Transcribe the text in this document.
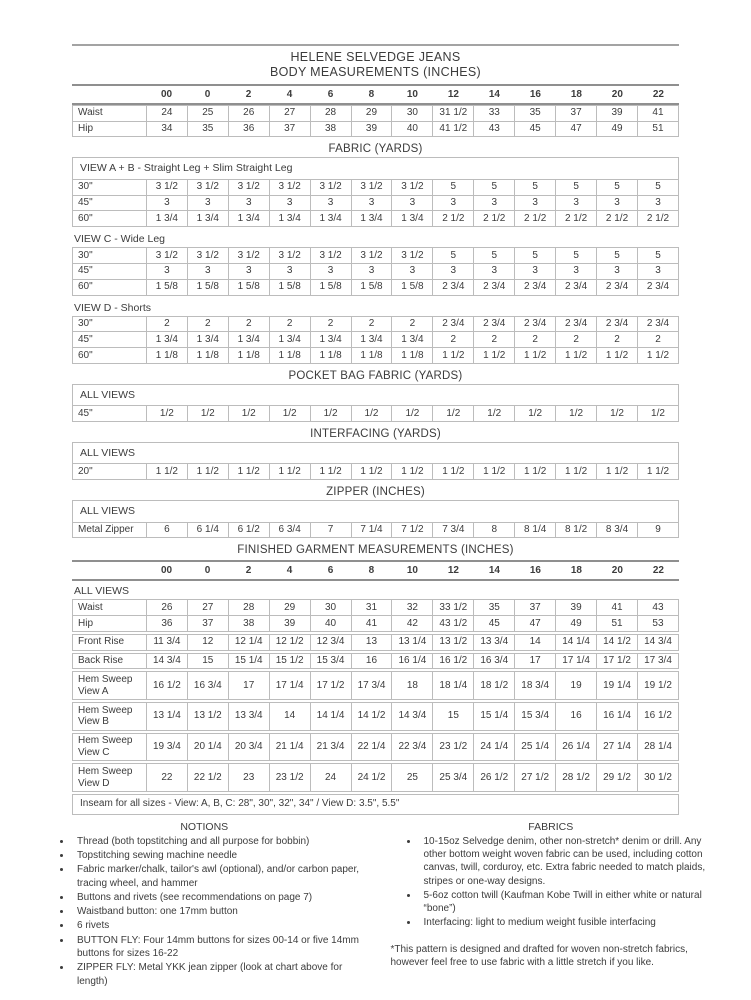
HELENE SELVEDGE JEANS
BODY MEASUREMENTS (INCHES)
	00	0	2	4	6	8	10	12	14	16	18	20	22
Waist	24	25	26	27	28	29	30	31 1/2	33	35	37	39	41
Hip	34	35	36	37	38	39	40	41 1/2	43	45	47	49	51
FABRIC (YARDS)
VIEW A + B - Straight Leg + Slim Straight Leg													
30"	3 1/2	3 1/2	3 1/2	3 1/2	3 1/2	3 1/2	3 1/2	5	5	5	5	5	5
45"	3	3	3	3	3	3	3	3	3	3	3	3	3
60"	1 3/4	1 3/4	1 3/4	1 3/4	1 3/4	1 3/4	1 3/4	2 1/2	2 1/2	2 1/2	2 1/2	2 1/2	2 1/2
VIEW C - Wide Leg
30"	3 1/2	3 1/2	3 1/2	3 1/2	3 1/2	3 1/2	3 1/2	5	5	5	5	5	5
45"	3	3	3	3	3	3	3	3	3	3	3	3	3
60"	1 5/8	1 5/8	1 5/8	1 5/8	1 5/8	1 5/8	1 5/8	2 3/4	2 3/4	2 3/4	2 3/4	2 3/4	2 3/4
VIEW D - Shorts
30"	2	2	2	2	2	2	2	2 3/4	2 3/4	2 3/4	2 3/4	2 3/4	2 3/4
45"	1 3/4	1 3/4	1 3/4	1 3/4	1 3/4	1 3/4	1 3/4	2	2	2	2	2	2
60"	1 1/8	1 1/8	1 1/8	1 1/8	1 1/8	1 1/8	1 1/8	1 1/2	1 1/2	1 1/2	1 1/2	1 1/2	1 1/2
POCKET BAG FABRIC (YARDS)
ALL VIEWS
45"	1/2	1/2	1/2	1/2	1/2	1/2	1/2	1/2	1/2	1/2	1/2	1/2	1/2
INTERFACING (YARDS)
ALL VIEWS
20"	1 1/2	1 1/2	1 1/2	1 1/2	1 1/2	1 1/2	1 1/2	1 1/2	1 1/2	1 1/2	1 1/2	1 1/2	1 1/2
ZIPPER (INCHES)
ALL VIEWS
Metal Zipper	6	6 1/4	6 1/2	6 3/4	7	7 1/4	7 1/2	7 3/4	8	8 1/4	8 1/2	8 3/4	9
FINISHED GARMENT MEASUREMENTS (INCHES)
	00	0	2	4	6	8	10	12	14	16	18	20	22
ALL VIEWS
Waist	26	27	28	29	30	31	32	33 1/2	35	37	39	41	43
Hip	36	37	38	39	40	41	42	43 1/2	45	47	49	51	53
Front Rise	11 3/4	12	12 1/4	12 1/2	12 3/4	13	13 1/4	13 1/2	13 3/4	14	14 1/4	14 1/2	14 3/4
Back Rise	14 3/4	15	15 1/4	15 1/2	15 3/4	16	16 1/4	16 1/2	16 3/4	17	17 1/4	17 1/2	17 3/4
Hem Sweep View A	16 1/2	16 3/4	17	17 1/4	17 1/2	17 3/4	18	18 1/4	18 1/2	18 3/4	19	19 1/4	19 1/2
Hem Sweep View B	13 1/4	13 1/2	13 3/4	14	14 1/4	14 1/2	14 3/4	15	15 1/4	15 3/4	16	16 1/4	16 1/2
Hem Sweep View C	19 3/4	20 1/4	20 3/4	21 1/4	21 3/4	22 1/4	22 3/4	23 1/2	24 1/4	25 1/4	26 1/4	27 1/4	28 1/4
Hem Sweep View D	22	22 1/2	23	23 1/2	24	24 1/2	25	25 3/4	26 1/2	27 1/2	28 1/2	29 1/2	30 1/2
Inseam for all sizes - View: A, B, C: 28", 30", 32", 34" / View D: 3.5", 5.5"
NOTIONS
• Thread (both topstitching and all purpose for bobbin)
• Topstitching sewing machine needle
• Fabric marker/chalk, tailor's awl (optional), and/or carbon paper, tracing wheel, and hammer
• Buttons and rivets (see recommendations on page 7)
• Waistband button: one 17mm button
• 6 rivets
• BUTTON FLY: Four 14mm buttons for sizes 00-14 or five 14mm buttons for sizes 16-22
• ZIPPER FLY: Metal YKK jean zipper (look at chart above for length)
FABRICS
• 10-15oz Selvedge denim, other non-stretch* denim or drill. Any other bottom weight woven fabric can be used, including cotton canvas, twill, corduroy, etc. Extra fabric needed to match plaids, stripes or one-way designs.
• 5-6oz cotton twill (Kaufman Kobe Twill in either white or natural “bone”)
• Interfacing: light to medium weight fusible interfacing
*This pattern is designed and drafted for woven non-stretch fabrics, however feel free to use fabric with a little stretch if you like.
